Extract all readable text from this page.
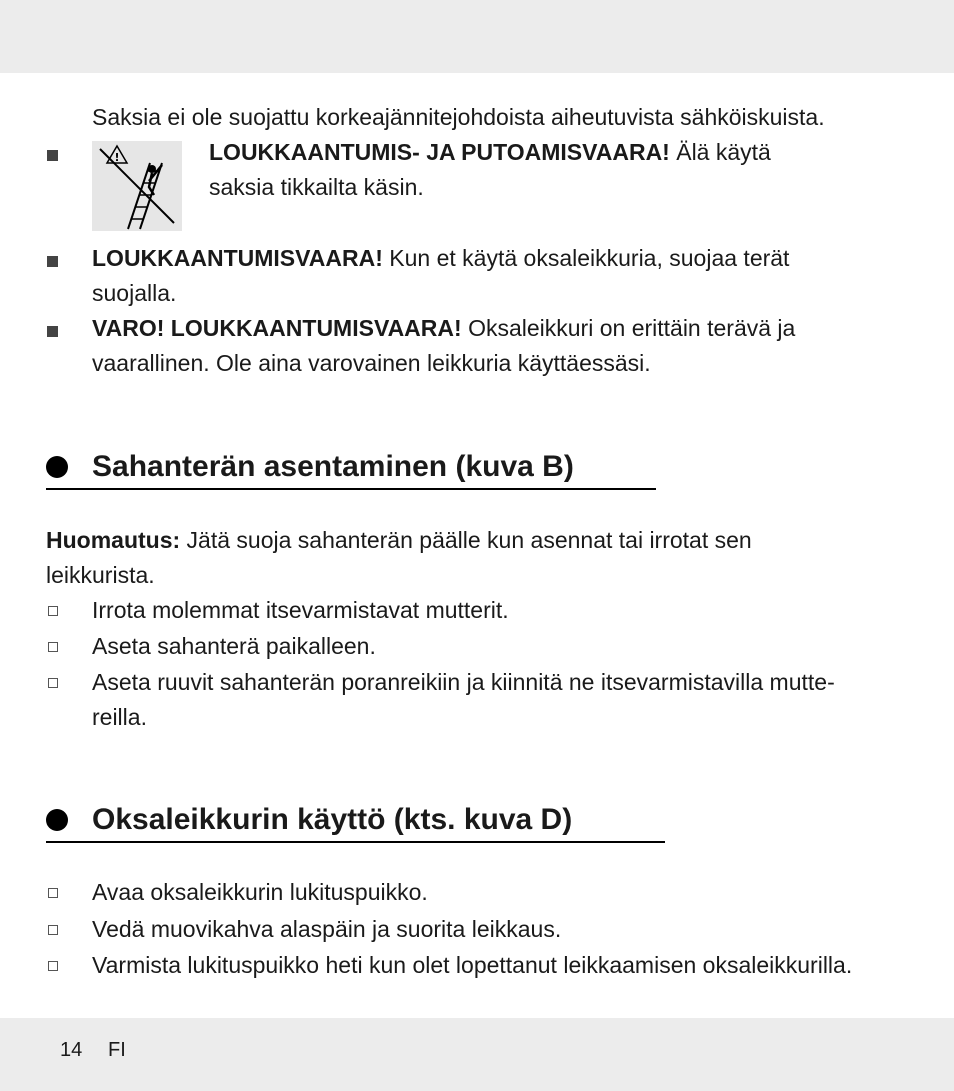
Saksia ei ole suojattu korkeajännitejohdoista aiheutuvista sähköiskuista.
!	LOUKKAANTUMIS- JA PUTOAMISVAARA! Älä käytä
saksia tikkailta käsin.
LOUKKAANTUMISVAARA! Kun et käytä oksaleikkuria, suojaa terät
suojalla.
VARO! LOUKKAANTUMISVAARA! Oksaleikkuri on erittäin terävä ja
vaarallinen. Ole aina varovainen leikkuria käyttäessäsi.
Sahanterän asentaminen (kuva B)
Huomautus: Jätä suoja sahanterän päälle kun asennat tai irrotat sen
leikkurista.
Irrota molemmat itsevarmistavat mutterit.
Aseta sahanterä paikalleen.
Aseta ruuvit sahanterän poranreikiin ja kiinnitä ne itsevarmistavilla mutte-
reilla.
Oksaleikkurin käyttö (kts. kuva D)
Avaa oksaleikkurin lukituspuikko.
Vedä muovikahva alaspäin ja suorita leikkaus.
Varmista lukituspuikko heti kun olet lopettanut leikkaamisen oksaleikkurilla.
14 FI
